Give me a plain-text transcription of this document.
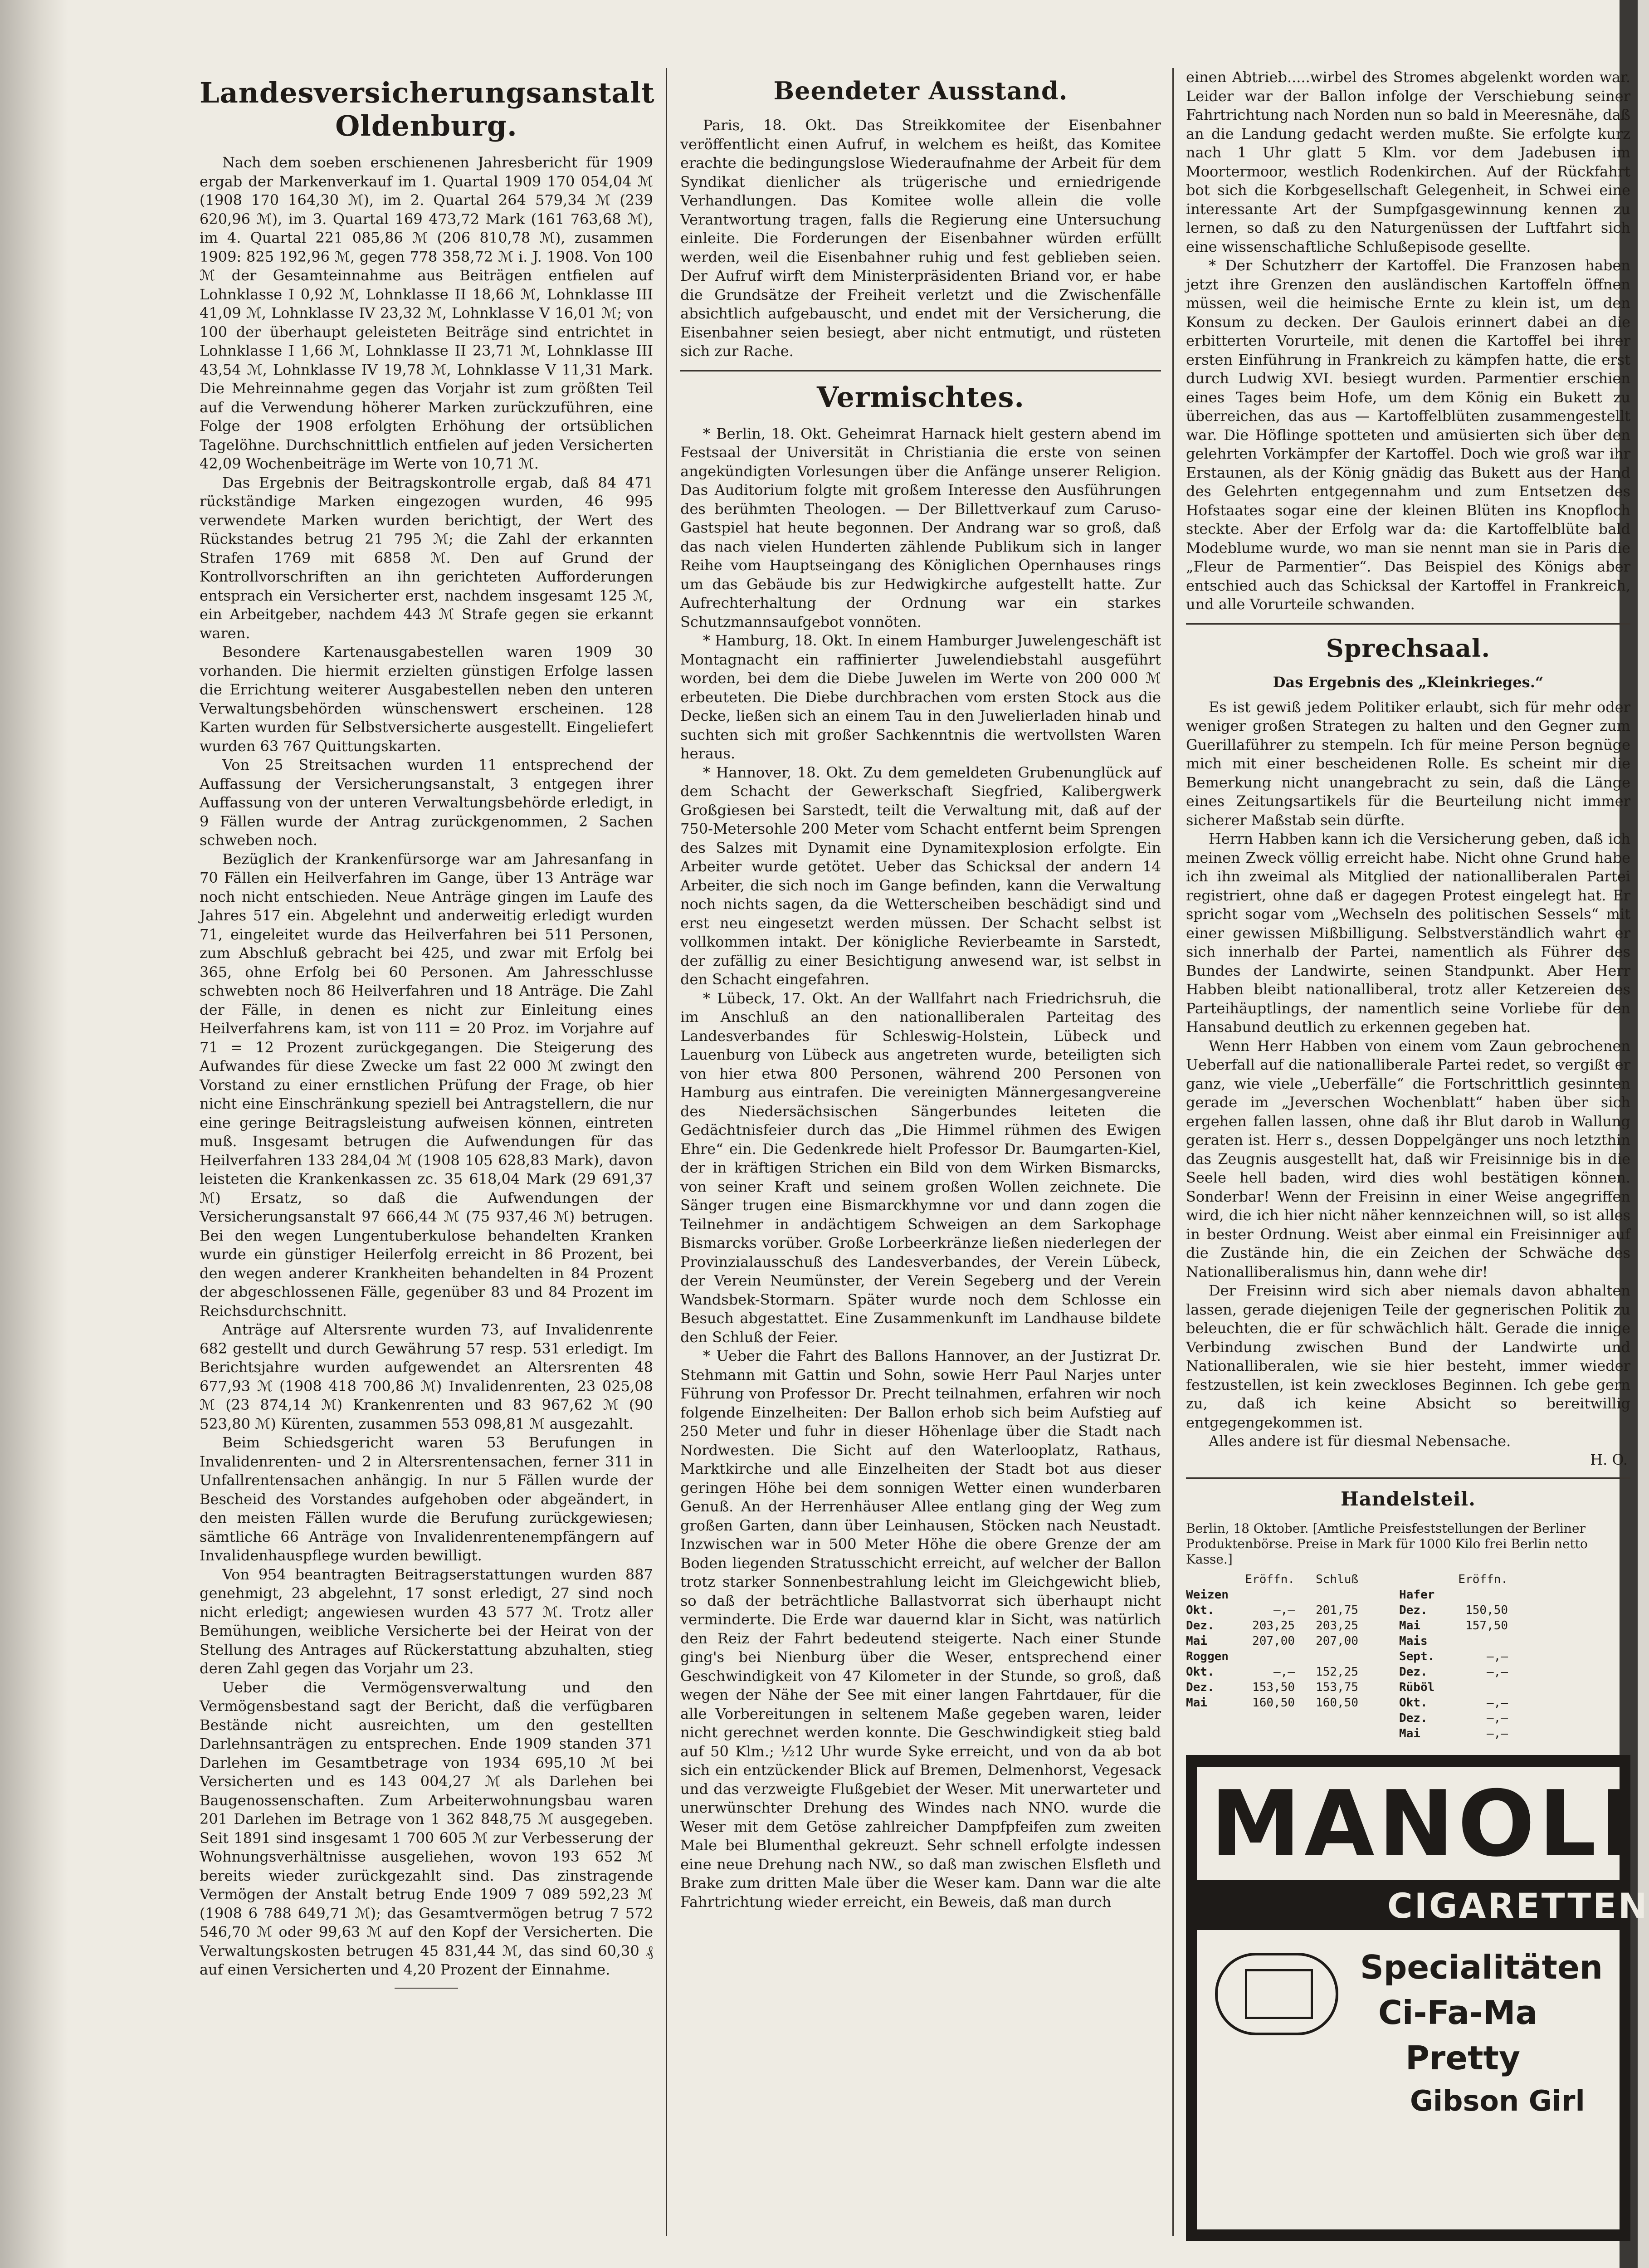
Landesversicherungsanstalt Oldenburg.

Nach dem soeben erschienenen Jahresbericht für 1909 ergab der Markenverkauf im 1. Quartal 1909 170 054,04 ℳ (1908 170 164,30 ℳ), im 2. Quartal 264 579,34 ℳ (239 620,96 ℳ), im 3. Quartal 169 473,72 Mark (161 763,68 ℳ), im 4. Quartal 221 085,86 ℳ (206 810,78 ℳ), zusammen 1909: 825 192,96 ℳ, gegen 778 358,72 ℳ i. J. 1908. Von 100 ℳ der Gesamteinnahme aus Beiträgen entfielen auf Lohnklasse I 0,92 ℳ, Lohnklasse II 18,66 ℳ, Lohnklasse III 41,09 ℳ, Lohnklasse IV 23,32 ℳ, Lohnklasse V 16,01 ℳ; von 100 der überhaupt geleisteten Beiträge sind entrichtet in Lohnklasse I 1,66 ℳ, Lohnklasse II 23,71 ℳ, Lohnklasse III 43,54 ℳ, Lohnklasse IV 19,78 ℳ, Lohnklasse V 11,31 Mark. Die Mehreinnahme gegen das Vorjahr ist zum größten Teil auf die Verwendung höherer Marken zurückzuführen, eine Folge der 1908 erfolgten Erhöhung der ortsüblichen Tagelöhne. Durchschnittlich entfielen auf jeden Versicherten 42,09 Wochenbeiträge im Werte von 10,71 ℳ.

Das Ergebnis der Beitragskontrolle ergab, daß 84 471 rückständige Marken eingezogen wurden, 46 995 verwendete Marken wurden berichtigt, der Wert des Rückstandes betrug 21 795 ℳ; die Zahl der erkannten Strafen 1769 mit 6858 ℳ. Den auf Grund der Kontrollvorschriften an ihn gerichteten Aufforderungen entsprach ein Versicherter erst, nachdem insgesamt 125 ℳ, ein Arbeitgeber, nachdem 443 ℳ Strafe gegen sie erkannt waren.

Besondere Kartenausgabestellen waren 1909 30 vorhanden. Die hiermit erzielten günstigen Erfolge lassen die Errichtung weiterer Ausgabestellen neben den unteren Verwaltungsbehörden wünschenswert erscheinen. 128 Karten wurden für Selbstversicherte ausgestellt. Eingeliefert wurden 63 767 Quittungskarten.

Von 25 Streitsachen wurden 11 entsprechend der Auffassung der Versicherungsanstalt, 3 entgegen ihrer Auffassung von der unteren Verwaltungsbehörde erledigt, in 9 Fällen wurde der Antrag zurückgenommen, 2 Sachen schweben noch.

Bezüglich der Krankenfürsorge war am Jahresanfang in 70 Fällen ein Heilverfahren im Gange, über 13 Anträge war noch nicht entschieden. Neue Anträge gingen im Laufe des Jahres 517 ein. Abgelehnt und anderweitig erledigt wurden 71, eingeleitet wurde das Heilverfahren bei 511 Personen, zum Abschluß gebracht bei 425, und zwar mit Erfolg bei 365, ohne Erfolg bei 60 Personen. Am Jahresschlusse schwebten noch 86 Heilverfahren und 18 Anträge. Die Zahl der Fälle, in denen es nicht zur Einleitung eines Heilverfahrens kam, ist von 111 = 20 Proz. im Vorjahre auf 71 = 12 Prozent zurückgegangen. Die Steigerung des Aufwandes für diese Zwecke um fast 22 000 ℳ zwingt den Vorstand zu einer ernstlichen Prüfung der Frage, ob hier nicht eine Einschränkung speziell bei Antragstellern, die nur eine geringe Beitragsleistung aufweisen können, eintreten muß. Insgesamt betrugen die Aufwendungen für das Heilverfahren 133 284,04 ℳ (1908 105 628,83 Mark), davon leisteten die Krankenkassen zc. 35 618,04 Mark (29 691,37 ℳ) Ersatz, so daß die Aufwendungen der Versicherungsanstalt 97 666,44 ℳ (75 937,46 ℳ) betrugen. Bei den wegen Lungentuberkulose behandelten Kranken wurde ein günstiger Heilerfolg erreicht in 86 Prozent, bei den wegen anderer Krankheiten behandelten in 84 Prozent der abgeschlossenen Fälle, gegenüber 83 und 84 Prozent im Reichsdurchschnitt.

Anträge auf Altersrente wurden 73, auf Invalidenrente 682 gestellt und durch Gewährung 57 resp. 531 erledigt. Im Berichtsjahre wurden aufgewendet an Altersrenten 48 677,93 ℳ (1908 418 700,86 ℳ) Invalidenrenten, 23 025,08 ℳ (23 874,14 ℳ) Krankenrenten und 83 967,62 ℳ (90 523,80 ℳ) Kürenten, zusammen 553 098,81 ℳ ausgezahlt.

Beim Schiedsgericht waren 53 Berufungen in Invalidenrenten- und 2 in Altersrentensachen, ferner 311 in Unfallrentensachen anhängig. In nur 5 Fällen wurde der Bescheid des Vorstandes aufgehoben oder abgeändert, in den meisten Fällen wurde die Berufung zurückgewiesen; sämtliche 66 Anträge von Invalidenrentenempfängern auf Invalidenhauspflege wurden bewilligt.

Von 954 beantragten Beitragserstattungen wurden 887 genehmigt, 23 abgelehnt, 17 sonst erledigt, 27 sind noch nicht erledigt; angewiesen wurden 43 577 ℳ. Trotz aller Bemühungen, weibliche Versicherte bei der Heirat von der Stellung des Antrages auf Rückerstattung abzuhalten, stieg deren Zahl gegen das Vorjahr um 23.

Ueber die Vermögensverwaltung und den Vermögensbestand sagt der Bericht, daß die verfügbaren Bestände nicht ausreichten, um den gestellten Darlehnsanträgen zu entsprechen. Ende 1909 standen 371 Darlehen im Gesamtbetrage von 1934 695,10 ℳ bei Versicherten und es 143 004,27 ℳ als Darlehen bei Baugenossenschaften. Zum Arbeiterwohnungsbau waren 201 Darlehen im Betrage von 1 362 848,75 ℳ ausgegeben. Seit 1891 sind insgesamt 1 700 605 ℳ zur Verbesserung der Wohnungsverhältnisse ausgeliehen, wovon 193 652 ℳ bereits wieder zurückgezahlt sind. Das zinstragende Vermögen der Anstalt betrug Ende 1909 7 089 592,23 ℳ (1908 6 788 649,71 ℳ); das Gesamtvermögen betrug 7 572 546,70 ℳ oder 99,63 ℳ auf den Kopf der Versicherten. Die Verwaltungskosten betrugen 45 831,44 ℳ, das sind 60,30 ₰ auf einen Versicherten und 4,20 Prozent der Einnahme.

Beendeter Ausstand.

Paris, 18. Okt. Das Streikkomitee der Eisenbahner veröffentlicht einen Aufruf, in welchem es heißt, das Komitee erachte die bedingungslose Wiederaufnahme der Arbeit für dem Syndikat dienlicher als trügerische und erniedrigende Verhandlungen. Das Komitee wolle allein die volle Verantwortung tragen, falls die Regierung eine Untersuchung einleite. Die Forderungen der Eisenbahner würden erfüllt werden, weil die Eisenbahner ruhig und fest geblieben seien. Der Aufruf wirft dem Ministerpräsidenten Briand vor, er habe die Grundsätze der Freiheit verletzt und die Zwischenfälle absichtlich aufgebauscht, und endet mit der Versicherung, die Eisenbahner seien besiegt, aber nicht entmutigt, und rüsteten sich zur Rache.

Vermischtes.

* Berlin, 18. Okt. Geheimrat Harnack hielt gestern abend im Festsaal der Universität in Christiania die erste von seinen angekündigten Vorlesungen über die Anfänge unserer Religion. Das Auditorium folgte mit großem Interesse den Ausführungen des berühmten Theologen. — Der Billettverkauf zum Caruso-Gastspiel hat heute begonnen. Der Andrang war so groß, daß das nach vielen Hunderten zählende Publikum sich in langer Reihe vom Hauptseingang des Königlichen Opernhauses rings um das Gebäude bis zur Hedwigkirche aufgestellt hatte. Zur Aufrechterhaltung der Ordnung war ein starkes Schutzmannsaufgebot vonnöten.

* Hamburg, 18. Okt. In einem Hamburger Juwelengeschäft ist Montagnacht ein raffinierter Juwelendiebstahl ausgeführt worden, bei dem die Diebe Juwelen im Werte von 200 000 ℳ erbeuteten. Die Diebe durchbrachen vom ersten Stock aus die Decke, ließen sich an einem Tau in den Juwelierladen hinab und suchten sich mit großer Sachkenntnis die wertvollsten Waren heraus.

* Hannover, 18. Okt. Zu dem gemeldeten Grubenunglück auf dem Schacht der Gewerkschaft Siegfried, Kalibergwerk Großgiesen bei Sarstedt, teilt die Verwaltung mit, daß auf der 750-Metersohle 200 Meter vom Schacht entfernt beim Sprengen des Salzes mit Dynamit eine Dynamitexplosion erfolgte. Ein Arbeiter wurde getötet. Ueber das Schicksal der andern 14 Arbeiter, die sich noch im Gange befinden, kann die Verwaltung noch nichts sagen, da die Wetterscheiben beschädigt sind und erst neu eingesetzt werden müssen. Der Schacht selbst ist vollkommen intakt. Der königliche Revierbeamte in Sarstedt, der zufällig zu einer Besichtigung anwesend war, ist selbst in den Schacht eingefahren.

* Lübeck, 17. Okt. An der Wallfahrt nach Friedrichsruh, die im Anschluß an den nationalliberalen Parteitag des Landesverbandes für Schleswig-Holstein, Lübeck und Lauenburg von Lübeck aus angetreten wurde, beteiligten sich von hier etwa 800 Personen, während 200 Personen von Hamburg aus eintrafen. Die vereinigten Männergesangvereine des Niedersächsischen Sängerbundes leiteten die Gedächtnisfeier durch das „Die Himmel rühmen des Ewigen Ehre“ ein. Die Gedenkrede hielt Professor Dr. Baumgarten-Kiel, der in kräftigen Strichen ein Bild von dem Wirken Bismarcks, von seiner Kraft und seinem großen Wollen zeichnete. Die Sänger trugen eine Bismarckhymne vor und dann zogen die Teilnehmer in andächtigem Schweigen an dem Sarkophage Bismarcks vorüber. Große Lorbeerkränze ließen niederlegen der Provinzialausschuß des Landesverbandes, der Verein Lübeck, der Verein Neumünster, der Verein Segeberg und der Verein Wandsbek-Stormarn. Später wurde noch dem Schlosse ein Besuch abgestattet. Eine Zusammenkunft im Landhause bildete den Schluß der Feier.

* Ueber die Fahrt des Ballons Hannover, an der Justizrat Dr. Stehmann mit Gattin und Sohn, sowie Herr Paul Narjes unter Führung von Professor Dr. Precht teilnahmen, erfahren wir noch folgende Einzelheiten: Der Ballon erhob sich beim Aufstieg auf 250 Meter und fuhr in dieser Höhenlage über die Stadt nach Nordwesten. Die Sicht auf den Waterlooplatz, Rathaus, Marktkirche und alle Einzelheiten der Stadt bot aus dieser geringen Höhe bei dem sonnigen Wetter einen wunderbaren Genuß. An der Herrenhäuser Allee entlang ging der Weg zum großen Garten, dann über Leinhausen, Stöcken nach Neustadt. Inzwischen war in 500 Meter Höhe die obere Grenze der am Boden liegenden Stratusschicht erreicht, auf welcher der Ballon trotz starker Sonnenbestrahlung leicht im Gleichgewicht blieb, so daß der beträchtliche Ballastvorrat sich überhaupt nicht verminderte. Die Erde war dauernd klar in Sicht, was natürlich den Reiz der Fahrt bedeutend steigerte. Nach einer Stunde ging's bei Nienburg über die Weser, entsprechend einer Geschwindigkeit von 47 Kilometer in der Stunde, so groß, daß wegen der Nähe der See mit einer langen Fahrtdauer, für die alle Vorbereitungen in seltenem Maße gegeben waren, leider nicht gerechnet werden konnte. Die Geschwindigkeit stieg bald auf 50 Klm.; ½12 Uhr wurde Syke erreicht, und von da ab bot sich ein entzückender Blick auf Bremen, Delmenhorst, Vegesack und das verzweigte Flußgebiet der Weser. Mit unerwarteter und unerwünschter Drehung des Windes nach NNO. wurde die Weser mit dem Getöse zahlreicher Dampfpfeifen zum zweiten Male bei Blumenthal gekreuzt. Sehr schnell erfolgte indessen eine neue Drehung nach NW., so daß man zwischen Elsfleth und Brake zum dritten Male über die Weser kam. Dann war die alte Fahrtrichtung wieder erreicht, ein Beweis, daß man durch

einen Abtrieb.....wirbel des Stromes abgelenkt worden war. Leider war der Ballon infolge der Verschiebung seiner Fahrtrichtung nach Norden nun so bald in Meeresnähe, daß an die Landung gedacht werden mußte. Sie erfolgte kurz nach 1 Uhr glatt 5 Klm. vor dem Jadebusen im Moortermoor, westlich Rodenkirchen. Auf der Rückfahrt bot sich die Korbgesellschaft Gelegenheit, in Schwei eine interessante Art der Sumpfgasgewinnung kennen zu lernen, so daß zu den Naturgenüssen der Luftfahrt sich eine wissenschaftliche Schlußepisode gesellte.

* Der Schutzherr der Kartoffel. Die Franzosen haben jetzt ihre Grenzen den ausländischen Kartoffeln öffnen müssen, weil die heimische Ernte zu klein ist, um den Konsum zu decken. Der Gaulois erinnert dabei an die erbitterten Vorurteile, mit denen die Kartoffel bei ihrer ersten Einführung in Frankreich zu kämpfen hatte, die erst durch Ludwig XVI. besiegt wurden. Parmentier erschien eines Tages beim Hofe, um dem König ein Bukett zu überreichen, das aus — Kartoffelblüten zusammengestellt war. Die Höflinge spotteten und amüsierten sich über den gelehrten Vorkämpfer der Kartoffel. Doch wie groß war ihr Erstaunen, als der König gnädig das Bukett aus der Hand des Gelehrten entgegennahm und zum Entsetzen des Hofstaates sogar eine der kleinen Blüten ins Knopfloch steckte. Aber der Erfolg war da: die Kartoffelblüte bald Modeblume wurde, wo man sie nennt man sie in Paris die „Fleur de Parmentier“. Das Beispiel des Königs aber entschied auch das Schicksal der Kartoffel in Frankreich, und alle Vorurteile schwanden.

Sprechsaal.
Das Ergebnis des „Kleinkrieges.“

Es ist gewiß jedem Politiker erlaubt, sich für mehr oder weniger großen Strategen zu halten und den Gegner zum Guerillaführer zu stempeln. Ich für meine Person begnüge mich mit einer bescheidenen Rolle. Es scheint mir die Bemerkung nicht unangebracht zu sein, daß die Länge eines Zeitungsartikels für die Beurteilung nicht immer sicherer Maßstab sein dürfte.

Herrn Habben kann ich die Versicherung geben, daß ich meinen Zweck völlig erreicht habe. Nicht ohne Grund habe ich ihn zweimal als Mitglied der nationalliberalen Partei registriert, ohne daß er dagegen Protest eingelegt hat. Er spricht sogar vom „Wechseln des politischen Sessels“ mit einer gewissen Mißbilligung. Selbstverständlich wahrt er sich innerhalb der Partei, namentlich als Führer des Bundes der Landwirte, seinen Standpunkt. Aber Herr Habben bleibt nationalliberal, trotz aller Ketzereien des Parteihäuptlings, der namentlich seine Vorliebe für den Hansabund deutlich zu erkennen gegeben hat.

Wenn Herr Habben von einem vom Zaun gebrochenen Ueberfall auf die nationalliberale Partei redet, so vergißt er ganz, wie viele „Ueberfälle“ die Fortschrittlich gesinnten gerade im „Jeverschen Wochenblatt“ haben über sich ergehen fallen lassen, ohne daß ihr Blut darob in Wallung geraten ist. Herr s., dessen Doppelgänger uns noch letzthin das Zeugnis ausgestellt hat, daß wir Freisinnige bis in die Seele hell baden, wird dies wohl bestätigen können. Sonderbar! Wenn der Freisinn in einer Weise angegriffen wird, die ich hier nicht näher kennzeichnen will, so ist alles in bester Ordnung. Weist aber einmal ein Freisinniger auf die Zustände hin, die ein Zeichen der Schwäche des Nationalliberalismus hin, dann wehe dir!

Der Freisinn wird sich aber niemals davon abhalten lassen, gerade diejenigen Teile der gegnerischen Politik zu beleuchten, die er für schwächlich hält. Gerade die innige Verbindung zwischen Bund der Landwirte und Nationalliberalen, wie sie hier besteht, immer wieder festzustellen, ist kein zweckloses Beginnen. Ich gebe gern zu, daß ich keine Absicht so bereitwillig entgegengekommen ist.

Alles andere ist für diesmal Nebensache.

H. O.
Handelsteil.
Berlin, 18 Oktober. [Amtliche Preisfeststellungen der Berliner Produktenbörse. Preise in Mark für 1000 Kilo frei Berlin netto Kasse.]
Eröffn.	Schluß
Weizen
Okt.	—,—	201,75
Dez.	203,25	203,25
Mai	207,00	207,00
Roggen
Okt.	—,—	152,25
Dez.	153,50	153,75
Mai	160,50	160,50
Eröffn.
Hafer
Dez.	150,50
Mai	157,50
Mais
Sept.	—,—
Dez.	—,—
Rüböl
Okt.	—,—
Dez.	—,—
Mai	—,—
MANOLI
CIGARETTEN
Specialitäten
Ci-Fa-Ma
Pretty
Gibson Girl
